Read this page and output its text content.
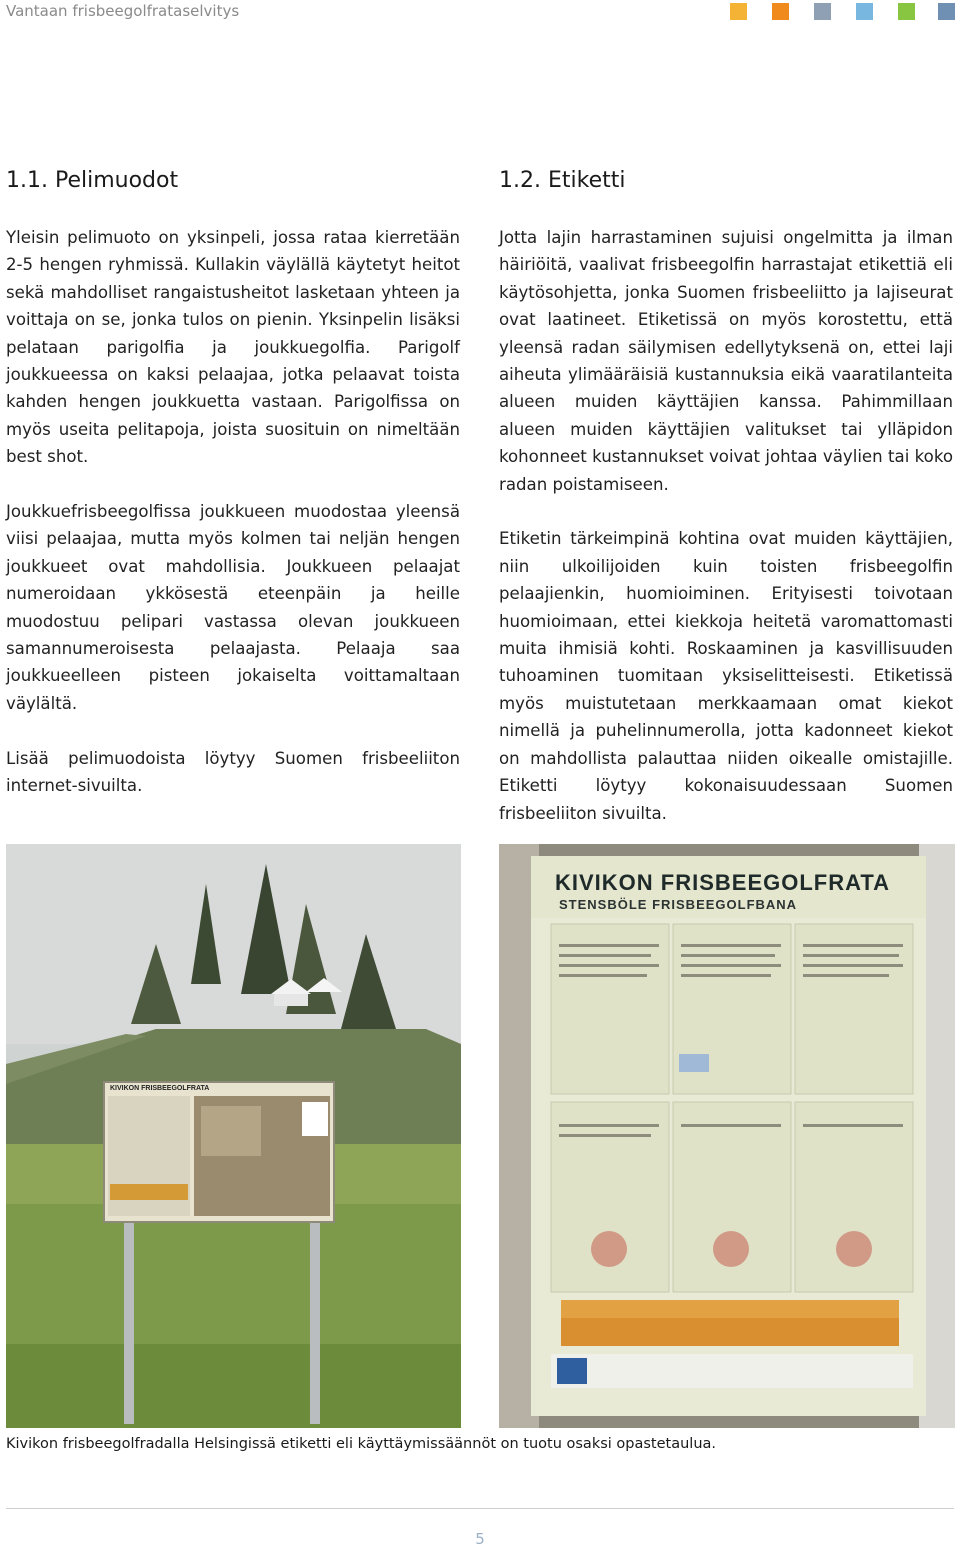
Vantaan frisbeegolfrataselvitys
1.1. Pelimuodot	1.2. Etiketti

Yleisin pelimuoto on yksinpeli, jossa rataa kierretään 2-5 hengen ryhmissä. Kullakin väylällä käytetyt heitot sekä mahdolliset rangaistusheitot lasketaan yhteen ja voittaja on se, jonka tulos on pienin. Yksinpelin lisäksi pelataan parigolfia ja joukkuegolfia. Parigolf joukkueessa on kaksi pelaajaa, jotka pelaavat toista kahden hengen joukkuetta vastaan. Parigolfissa on myös useita pelitapoja, joista suosituin on nimeltään best shot.

Joukkuefrisbeegolfissa joukkueen muodostaa yleensä viisi pelaajaa, mutta myös kolmen tai neljän hengen joukkueet ovat mahdollisia. Joukkueen pelaajat numeroidaan ykkösestä eteenpäin ja heille muodostuu pelipari vastassa olevan joukkueen samannumeroisesta pelaajasta. Pelaaja saa joukkueelleen pisteen jokaiselta voittamaltaan väylältä.

Lisää pelimuodoista löytyy Suomen frisbeeliiton internet-sivuilta.

Jotta lajin harrastaminen sujuisi ongelmitta ja ilman häiriöitä, vaalivat frisbeegolfin harrastajat etikettiä eli käytösohjetta, jonka Suomen frisbeeliitto ja lajiseurat ovat laatineet. Etiketissä on myös korostettu, että yleensä radan säilymisen edellytyksenä on, ettei laji aiheuta ylimääräisiä kustannuksia eikä vaaratilanteita alueen muiden käyttäjien kanssa. Pahimmillaan alueen muiden käyttäjien valitukset tai ylläpidon kohonneet kustannukset voivat johtaa väylien tai koko radan poistamiseen.

Etiketin tärkeimpinä kohtina ovat muiden käyttäjien, niin ulkoilijoiden kuin toisten frisbeegolfin pelaajienkin, huomioiminen. Erityisesti toivotaan huomioimaan, ettei kiekkoja heitetä varomattomasti muita ihmisiä kohti. Roskaaminen ja kasvillisuuden tuhoaminen tuomitaan yksiselitteisesti. Etiketissä myös muistutetaan merkkaamaan omat kiekot nimellä ja puhelinnumerolla, jotta kadonneet kiekot on mahdollista palauttaa niiden oikealle omistajille. Etiketti löytyy kokonaisuudessaan Suomen frisbeeliiton sivuilta.

KIVIKON FRISBEEGOLFRATA
KIVIKON FRISBEEGOLFRATA
STENSBÖLE FRISBEEGOLFBANA
Kivikon frisbeegolfradalla Helsingissä etiketti eli käyttäymissäännöt on tuotu osaksi opastetaulua.
5
